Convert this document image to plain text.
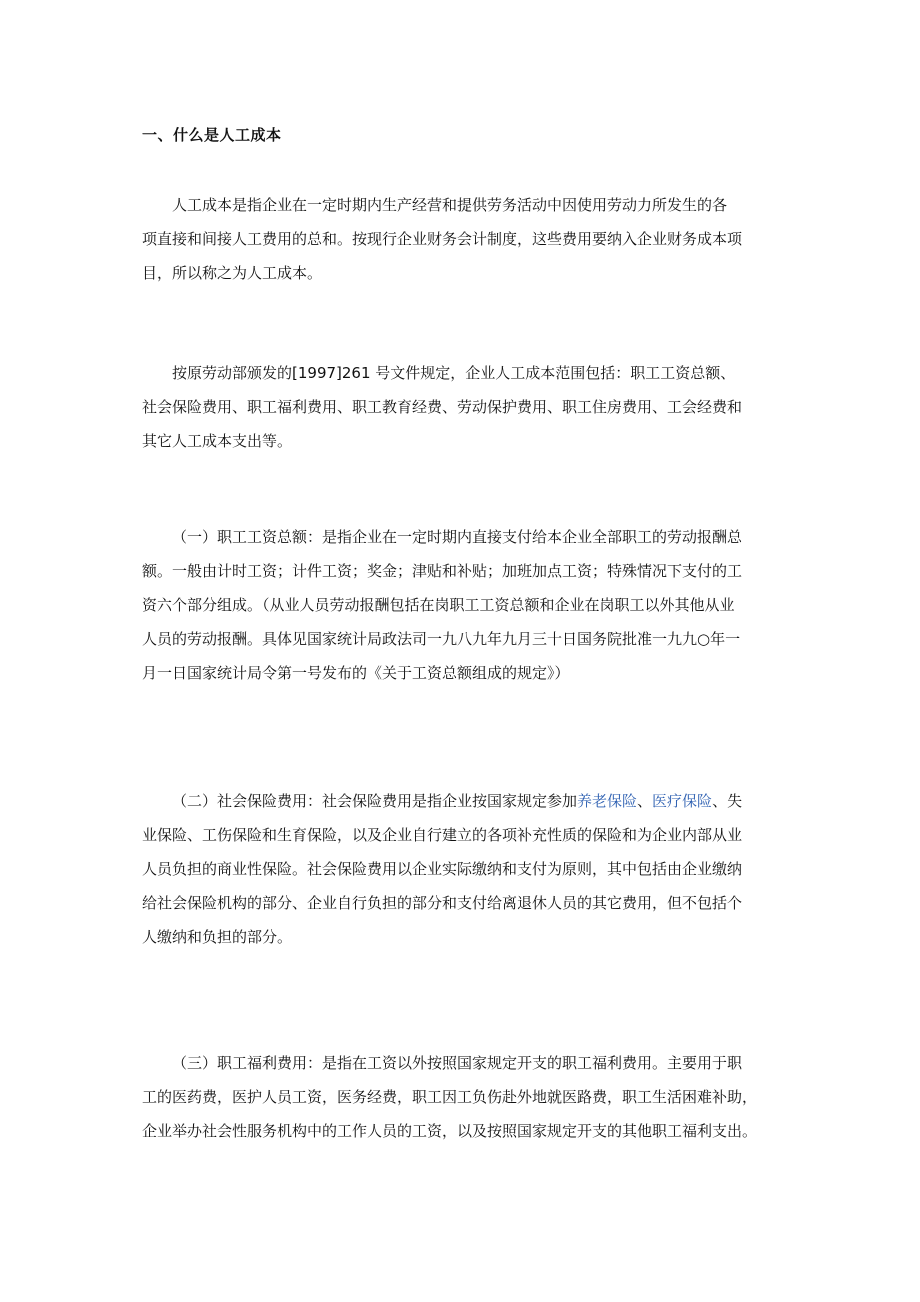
一、什么是人工成本
人工成本是指企业在一定时期内生产经营和提供劳务活动中因使用劳动力所发生的各
项直接和间接人工费用的总和。按现行企业财务会计制度，这些费用要纳入企业财务成本项
目，所以称之为人工成本。
按原劳动部颁发的[1997]261 号文件规定，企业人工成本范围包括：职工工资总额、
社会保险费用、职工福利费用、职工教育经费、劳动保护费用、职工住房费用、工会经费和
其它人工成本支出等。
（一）职工工资总额：是指企业在一定时期内直接支付给本企业全部职工的劳动报酬总
额。一般由计时工资；计件工资；奖金；津贴和补贴；加班加点工资；特殊情况下支付的工
资六个部分组成。（从业人员劳动报酬包括在岗职工工资总额和企业在岗职工以外其他从业
人员的劳动报酬。具体见国家统计局政法司一九八九年九月三十日国务院批准一九九○年一
月一日国家统计局令第一号发布的《关于工资总额组成的规定》）
（二）社会保险费用：社会保险费用是指企业按国家规定参加养老保险、医疗保险、失
业保险、工伤保险和生育保险，以及企业自行建立的各项补充性质的保险和为企业内部从业
人员负担的商业性保险。社会保险费用以企业实际缴纳和支付为原则，其中包括由企业缴纳
给社会保险机构的部分、企业自行负担的部分和支付给离退休人员的其它费用，但不包括个
人缴纳和负担的部分。
（三）职工福利费用：是指在工资以外按照国家规定开支的职工福利费用。主要用于职
工的医药费，医护人员工资，医务经费，职工因工负伤赴外地就医路费，职工生活困难补助，
企业举办社会性服务机构中的工作人员的工资，以及按照国家规定开支的其他职工福利支出。
